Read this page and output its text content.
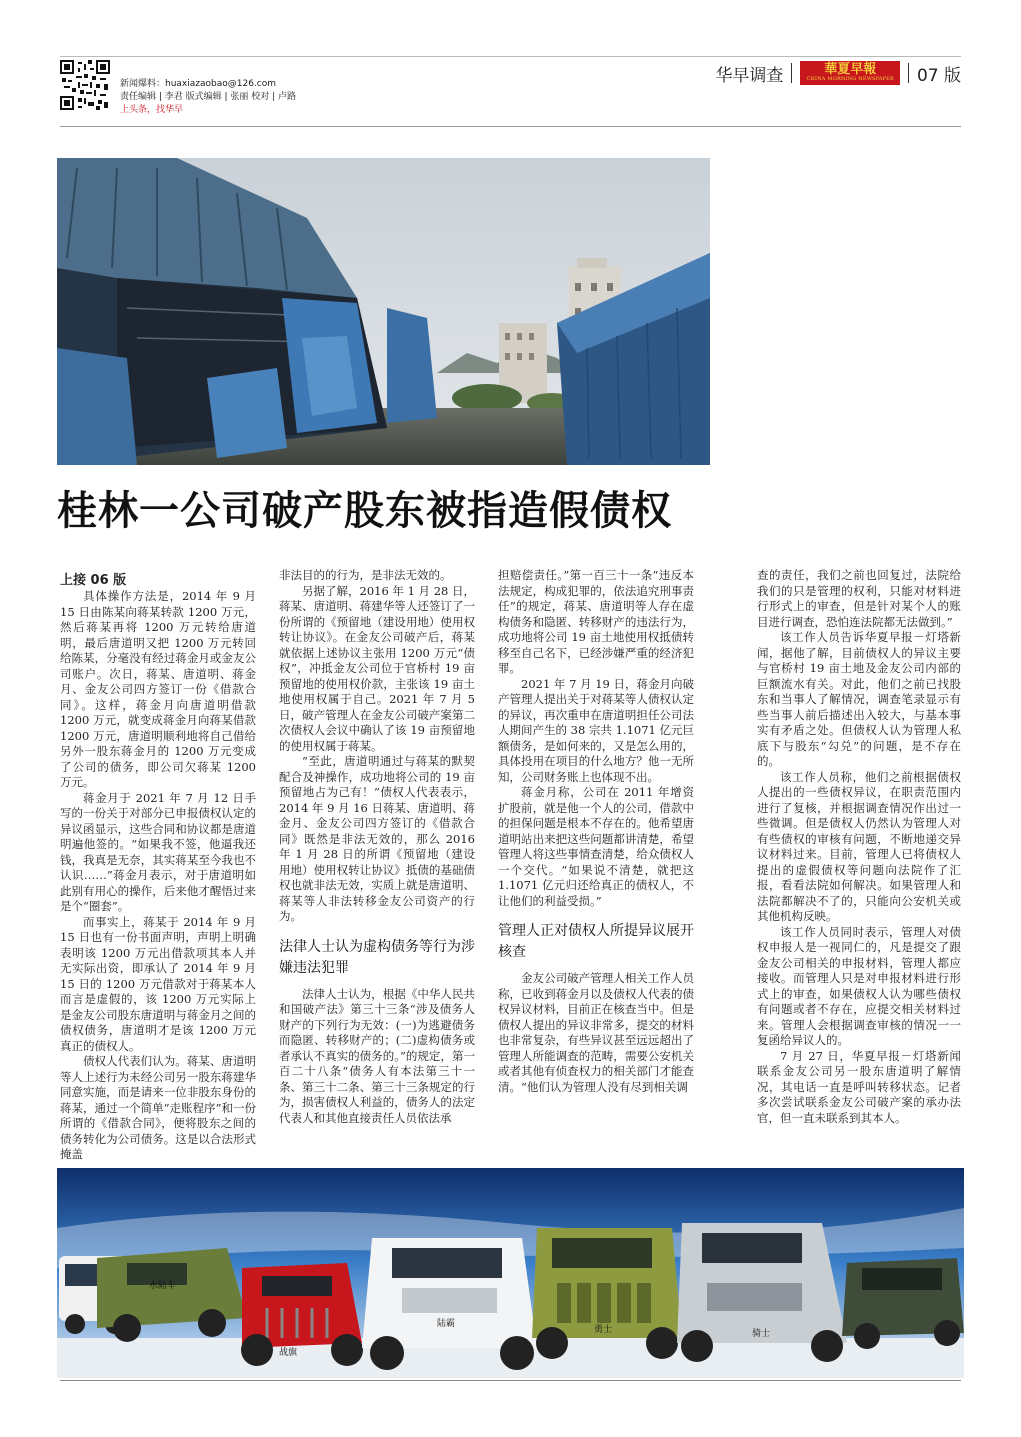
新闻爆料：huaxiazaobao@126.com
责任编辑 | 李君 版式编辑 | 张丽 校对 | 卢路
上头条，找华早
华早调查	華夏早報
CHINA MORNING NEWSPAPER 07 版
桂林一公司破产股东被指造假债权

上接 06 版

具体操作方法是，2014 年 9 月 15 日由陈某向蒋某转款 1200 万元，然后蒋某再将 1200 万元转给唐道明，最后唐道明又把 1200 万元转回给陈某，分毫没有经过蒋金月或金友公司账户。次日，蒋某、唐道明、蒋金月、金友公司四方签订一份《借款合同》。这样，蒋金月向唐道明借款 1200 万元，就变成蒋金月向蒋某借款 1200 万元，唐道明顺利地将自己借给另外一股东蒋金月的 1200 万元变成了公司的债务，即公司欠蒋某 1200 万元。

蒋金月于 2021 年 7 月 12 日手写的一份关于对部分已申报债权认定的异议函显示，这些合同和协议都是唐道明遍他签的。“如果我不签，他逼我还钱，我真是无奈，其实蒋某至今我也不认识……”蒋金月表示，对于唐道明如此别有用心的操作，后来他才醒悟过来是个“圈套”。

而事实上，蒋某于 2014 年 9 月 15 日也有一份书面声明，声明上明确表明该 1200 万元出借款项其本人并无实际出资，即承认了 2014 年 9 月 15 日的 1200 万元借款对于蒋某本人而言是虚假的，该 1200 万元实际上是金友公司股东唐道明与蒋金月之间的债权债务，唐道明才是该 1200 万元真正的债权人。

债权人代表们认为。蒋某、唐道明等人上述行为未经公司另一股东蒋建华同意实施，而是请来一位非股东身份的蒋某，通过一个简单“走账程序”和一份所谓的《借款合同》，便将股东之间的债务转化为公司债务。这是以合法形式掩盖

非法目的的行为，是非法无效的。

另据了解，2016 年 1 月 28 日，蒋某、唐道明、蒋建华等人还签订了一份所谓的《预留地（建设用地）使用权转让协议》。在金友公司破产后，蒋某就依据上述协议主张用 1200 万元“债权”，冲抵金友公司位于官桥村 19 亩预留地的使用权价款，主张该 19 亩土地使用权属于自己。2021 年 7 月 5 日，破产管理人在金友公司破产案第二次债权人会议中确认了该 19 亩预留地的使用权属于蒋某。

“至此，唐道明通过与蒋某的默契配合及神操作，成功地将公司的 19 亩预留地占为己有！”债权人代表表示，2014 年 9 月 16 日蒋某、唐道明、蒋金月、金友公司四方签订的《借款合同》既然是非法无效的，那么 2016 年 1 月 28 日的所谓《预留地（建设用地）使用权转让协议》抵债的基础债权也就非法无效，实质上就是唐道明、蒋某等人非法转移金友公司资产的行为。

法律人士认为虚构债务等行为涉嫌违法犯罪

法律人士认为，根据《中华人民共和国破产法》第三十三条“涉及债务人财产的下列行为无效：(一)为逃避债务而隐匿、转移财产的；(二)虚构债务或者承认不真实的债务的。”的规定，第一百二十八条“债务人有本法第三十一条、第三十二条、第三十三条规定的行为，损害债权人利益的，债务人的法定代表人和其他直接责任人员依法承

担赔偿责任。”第一百三十一条“违反本法规定，构成犯罪的，依法追究刑事责任”的规定，蒋某、唐道明等人存在虚构债务和隐匿、转移财产的违法行为，成功地将公司 19 亩土地使用权抵债转移至自己名下，已经涉嫌严重的经济犯罪。

2021 年 7 月 19 日，蒋金月向破产管理人提出关于对蒋某等人债权认定的异议，再次重申在唐道明担任公司法人期间产生的 38 宗共 1.1071 亿元巨额债务，是如何来的，又是怎么用的，具体投用在项目的什么地方？他一无所知，公司财务账上也体现不出。

蒋金月称，公司在 2011 年增资扩股前，就是他一个人的公司，借款中的担保问题是根本不存在的。他希望唐道明站出来把这些问题都讲清楚，希望管理人将这些事情查清楚，给众债权人一个交代。“如果说不清楚，就把这 1.1071 亿元归还给真正的债权人，不让他们的利益受损。”

管理人正对债权人所提异议展开核查

金友公司破产管理人相关工作人员称，已收到蒋金月以及债权人代表的债权异议材料，目前正在核查当中。但是债权人提出的异议非常多，提交的材料也非常复杂，有些异议甚至远远超出了管理人所能调查的范畴，需要公安机关或者其他有侦查权力的相关部门才能查清。“他们认为管理人没有尽到相关调

查的责任，我们之前也回复过，法院给我们的只是管理的权利，只能对材料进行形式上的审查，但是针对某个人的账目进行调查，恐怕连法院都无法做到。”

该工作人员告诉华夏早报－灯塔新闻，据他了解，目前债权人的异议主要与官桥村 19 亩土地及金友公司内部的巨额流水有关。对此，他们之前已找股东和当事人了解情况，调查笔录显示有些当事人前后描述出入较大，与基本事实有矛盾之处。但债权人认为管理人私底下与股东“勾兑”的问题，是不存在的。

该工作人员称，他们之前根据债权人提出的一些债权异议，在职责范围内进行了复核，并根据调查情况作出过一些微调。但是债权人仍然认为管理人对有些债权的审核有问题，不断地递交异议材料过来。目前，管理人已将债权人提出的虚假债权等问题向法院作了汇报，看看法院如何解决。如果管理人和法院都解决不了的，只能向公安机关或其他机构反映。

该工作人员同时表示，管理人对债权申报人是一视同仁的，凡是提交了跟金友公司相关的申报材料，管理人都应接收。而管理人只是对申报材料进行形式上的审查，如果债权人认为哪些债权有问题或者不存在，应提交相关材料过来。管理人会根据调查审核的情况一一复函给异议人的。

7 月 27 日，华夏早报－灯塔新闻联系金友公司另一股东唐道明了解情况，其电话一直是呼叫转移状态。记者多次尝试联系金友公司破产案的承办法官，但一直未联系到其本人。

水陆车
战旗
陆霸
勇士	骑士
